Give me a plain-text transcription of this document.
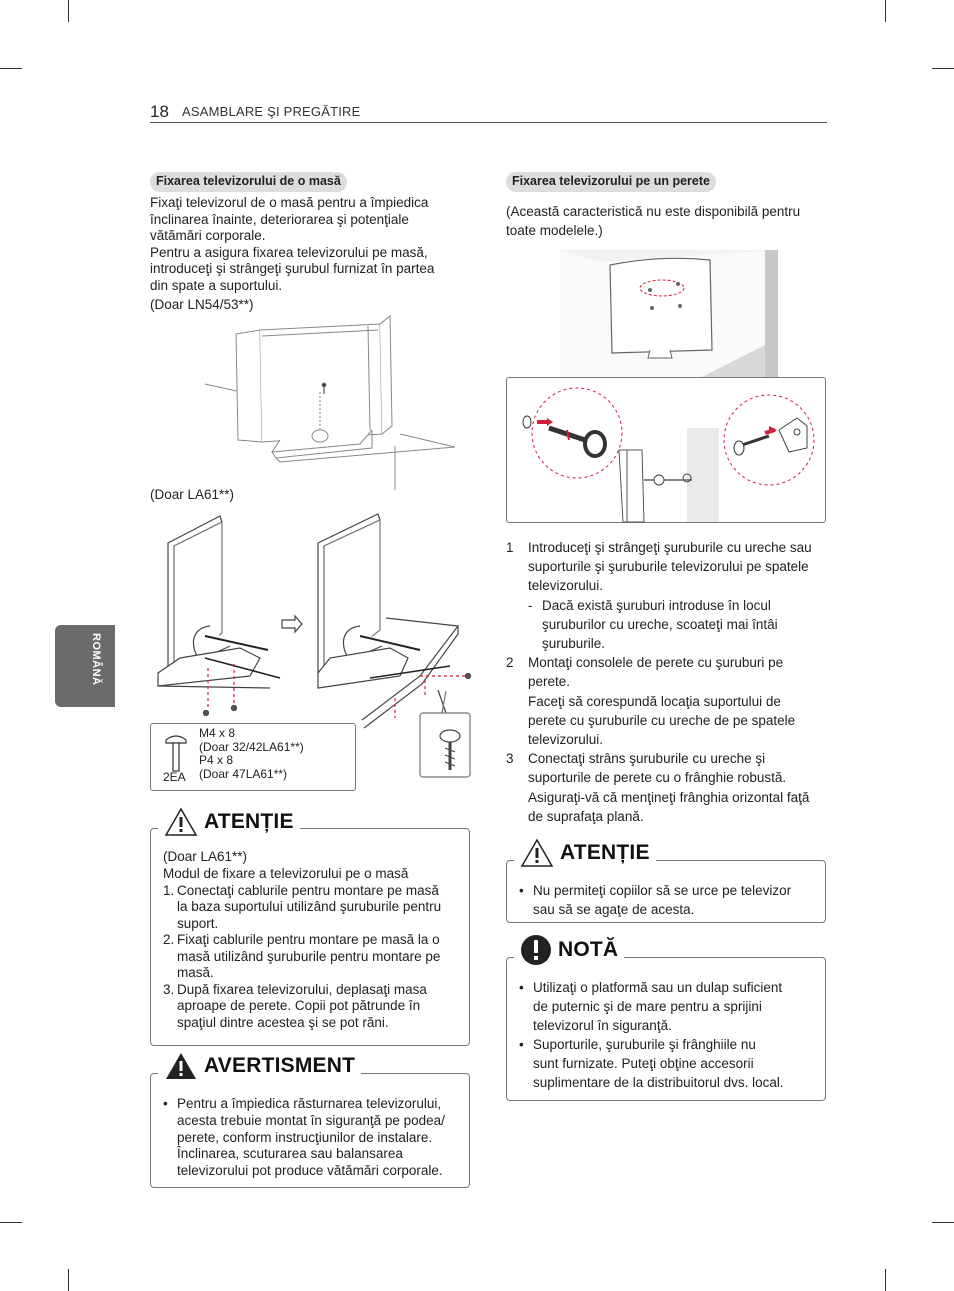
18 ASAMBLARE ŞI PREGĂTIRE
ROMÂNĂ
Fixarea televizorului de o masă

Fixaţi televizorul de o masă pentru a împiedica

înclinarea înainte, deteriorarea şi potenţiale

vătămări corporale.

Pentru a asigura fixarea televizorului pe masă,

introduceţi şi strângeţi şurubul furnizat în partea

din spate a suportului.

(Doar LN54/53**)
(Doar LA61**)
M4 x 8
(Doar 32/42LA61**)
P4 x 8
(Doar 47LA61**)
2EA
(Doar LA61**)
Modul de fixare a televizorului pe o masă
1. Conectaţi cablurile pentru montare pe masă
la baza suportului utilizând şuruburile pentru
suport.
2. Fixaţi cablurile pentru montare pe masă la o
masă utilizând şuruburile pentru montare pe
masă.
3. După fixarea televizorului, deplasaţi masa
aproape de perete. Copii pot pătrunde în
spaţiul dintre acestea şi se pot răni.
ATENȚIE
• Pentru a împiedica răsturnarea televizorului,
acesta trebuie montat în siguranţă pe podea/
perete, conform instrucţiunilor de instalare.
Înclinarea, scuturarea sau balansarea
televizorului pot produce vătămări corporale.
AVERTISMENT
Fixarea televizorului pe un perete

(Această caracteristică nu este disponibilă pentru

toate modelele.)

1 Introduceţi şi strângeţi şuruburile cu ureche sau
suporturile şi şuruburile televizorului pe spatele
televizorului.
- Dacă există şuruburi introduse în locul
şuruburilor cu ureche, scoateţi mai întâi
şuruburile.
2 Montaţi consolele de perete cu şuruburi pe
perete.
Faceţi să corespundă locaţia suportului de
perete cu şuruburile cu ureche de pe spatele
televizorului.
3 Conectaţi strâns şuruburile cu ureche şi
suporturile de perete cu o frânghie robustă.
Asiguraţi-vă că menţineţi frânghia orizontal faţă
de suprafaţa plană.
• Nu permiteţi copiilor să se urce pe televizor
sau să se agaţe de acesta.
ATENȚIE
• Utilizaţi o platformă sau un dulap suficient
de puternic şi de mare pentru a sprijini
televizorul în siguranţă.
• Suporturile, şuruburile şi frânghiile nu
sunt furnizate. Puteţi obţine accesorii
suplimentare de la distribuitorul dvs. local.
NOTĂ
